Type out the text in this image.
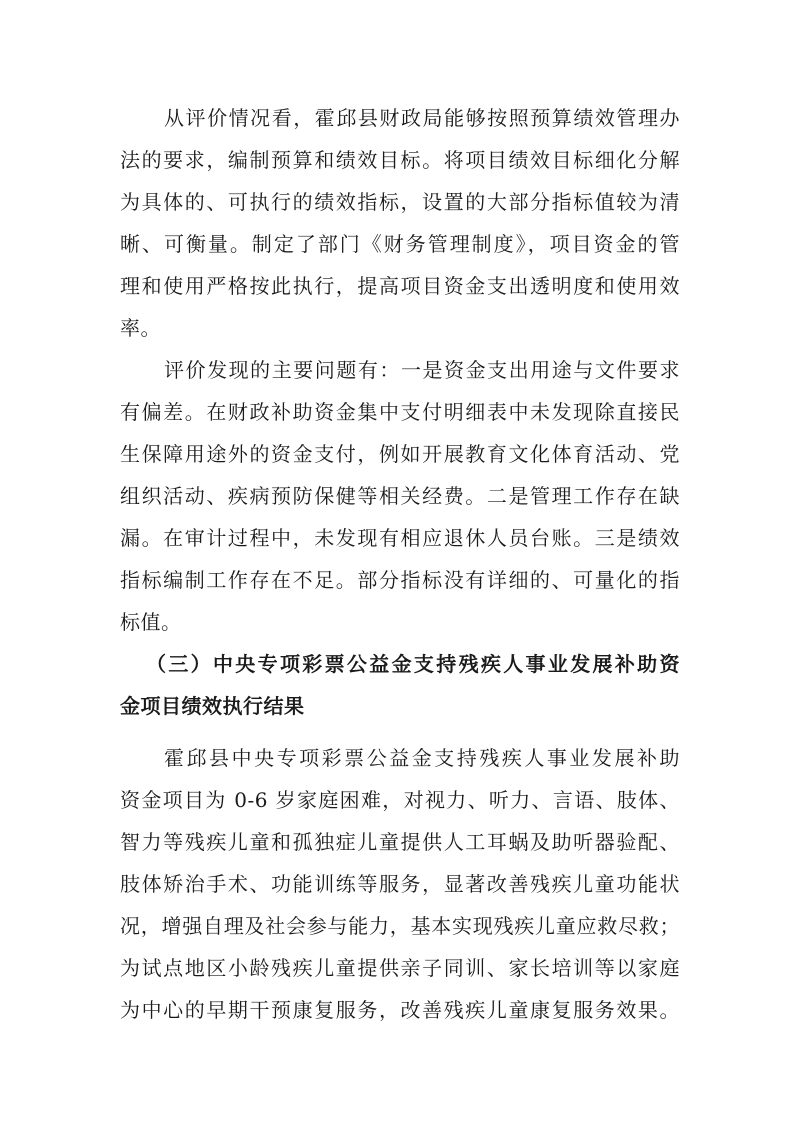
从评价情况看，霍邱县财政局能够按照预算绩效管理办
法的要求，编制预算和绩效目标。将项目绩效目标细化分解
为具体的、可执行的绩效指标，设置的大部分指标值较为清
晰、可衡量。制定了部门《财务管理制度》，项目资金的管
理和使用严格按此执行，提高项目资金支出透明度和使用效
率。
评价发现的主要问题有：一是资金支出用途与文件要求
有偏差。在财政补助资金集中支付明细表中未发现除直接民
生保障用途外的资金支付，例如开展教育文化体育活动、党
组织活动、疾病预防保健等相关经费。二是管理工作存在缺
漏。在审计过程中，未发现有相应退休人员台账。三是绩效
指标编制工作存在不足。部分指标没有详细的、可量化的指
标值。
（三）中央专项彩票公益金支持残疾人事业发展补助资
金项目绩效执行结果
霍邱县中央专项彩票公益金支持残疾人事业发展补助
资金项目为 0-6 岁家庭困难，对视力、听力、言语、肢体、
智力等残疾儿童和孤独症儿童提供人工耳蜗及助听器验配、
肢体矫治手术、功能训练等服务，显著改善残疾儿童功能状
况，增强自理及社会参与能力，基本实现残疾儿童应救尽救；
为试点地区小龄残疾儿童提供亲子同训、家长培训等以家庭
为中心的早期干预康复服务，改善残疾儿童康复服务效果。
